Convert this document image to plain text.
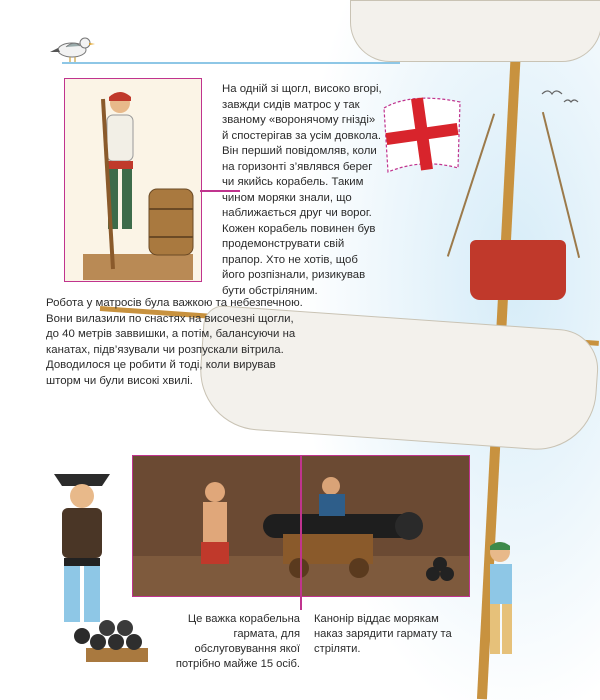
На одній зі щогл, високо вгорі, завжди сидів матрос у так званому «воронячому гнізді» й спостерігав за усім довкола. Він перший повідомляв, коли на горизонті з’являвся берег чи якийсь корабель. Таким чином моряки знали, що наближається друг чи ворог. Кожен корабель повинен був продемонструвати свій прапор. Хто не хотів, щоб його розпізнали, ризикував бути обстріляним.
Робота у матросів була важкою та небезпечною. Вони вилазили по снастях на височезні щогли, до 40 метрів заввишки, а потім, балансуючи на канатах, підв’язували чи розпускали вітрила. Доводилося це робити й тоді, коли вирував шторм чи були високі хвилі.
Це важка корабельна гармата, для обслуговування якої потрібно майже 15 осіб.
Канонір віддає морякам наказ зарядити гармату та стріляти.
